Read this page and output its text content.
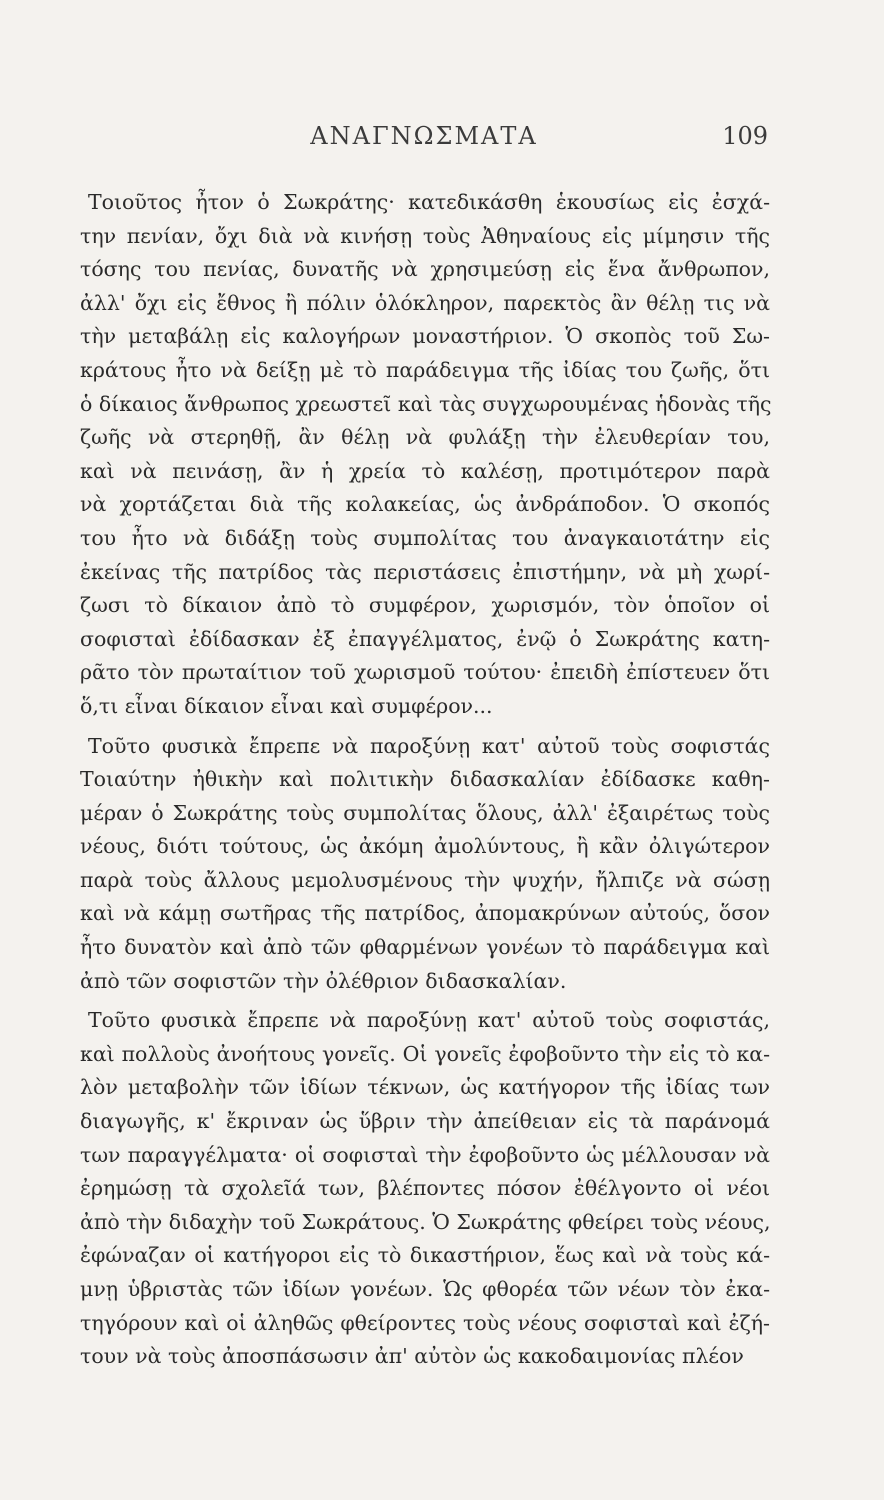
ΑΝΑΓΝΩΣΜΑΤΑ	109
Τοιοῦτος ἦτον ὁ Σωκράτης· κατεδικάσθη ἑκουσίως εἰς ἐσχά-
την πενίαν, ὄχι διὰ νὰ κινήσῃ τοὺς Ἀθηναίους εἰς μίμησιν τῆς
τόσης του πενίας, δυνατῆς νὰ χρησιμεύσῃ εἰς ἕνα ἄνθρωπον,
ἀλλ' ὄχι εἰς ἔθνος ἢ πόλιν ὁλόκληρον, παρεκτὸς ἂν θέλῃ τις νὰ
τὴν μεταβάλῃ εἰς καλογήρων μοναστήριον. Ὁ σκοπὸς τοῦ Σω-
κράτους ἦτο νὰ δείξῃ μὲ τὸ παράδειγμα τῆς ἰδίας του ζωῆς, ὅτι
ὁ δίκαιος ἄνθρωπος χρεωστεῖ καὶ τὰς συγχωρουμένας ἡδονὰς τῆς
ζωῆς νὰ στερηθῇ, ἂν θέλῃ νὰ φυλάξῃ τὴν ἐλευθερίαν του,
καὶ νὰ πεινάσῃ, ἂν ἡ χρεία τὸ καλέσῃ, προτιμότερον παρὰ
νὰ χορτάζεται διὰ τῆς κολακείας, ὡς ἀνδράποδον. Ὁ σκοπός
του ἦτο νὰ διδάξῃ τοὺς συμπολίτας του ἀναγκαιοτάτην εἰς
ἐκείνας τῆς πατρίδος τὰς περιστάσεις ἐπιστήμην, νὰ μὴ χωρί-
ζωσι τὸ δίκαιον ἀπὸ τὸ συμφέρον, χωρισμόν, τὸν ὁποῖον οἱ
σοφισταὶ ἐδίδασκαν ἐξ ἐπαγγέλματος, ἐνῷ ὁ Σωκράτης κατη-
ρᾶτο τὸν πρωταίτιον τοῦ χωρισμοῦ τούτου· ἐπειδὴ ἐπίστευεν ὅτι
ὅ,τι εἶναι δίκαιον εἶναι καὶ συμφέρον...
Τοῦτο φυσικὰ ἔπρεπε νὰ παροξύνῃ κατ' αὐτοῦ τοὺς σοφιστάς
Τοιαύτην ἠθικὴν καὶ πολιτικὴν διδασκαλίαν ἐδίδασκε καθη-
μέραν ὁ Σωκράτης τοὺς συμπολίτας ὅλους, ἀλλ' ἐξαιρέτως τοὺς
νέους, διότι τούτους, ὡς ἀκόμη ἀμολύντους, ἢ κἂν ὀλιγώτερον
παρὰ τοὺς ἄλλους μεμολυσμένους τὴν ψυχήν, ἤλπιζε νὰ σώσῃ
καὶ νὰ κάμῃ σωτῆρας τῆς πατρίδος, ἀπομακρύνων αὐτούς, ὅσον
ἦτο δυνατὸν καὶ ἀπὸ τῶν φθαρμένων γονέων τὸ παράδειγμα καὶ
ἀπὸ τῶν σοφιστῶν τὴν ὀλέθριον διδασκαλίαν.
Τοῦτο φυσικὰ ἔπρεπε νὰ παροξύνῃ κατ' αὐτοῦ τοὺς σοφιστάς,
καὶ πολλοὺς ἀνοήτους γονεῖς. Οἱ γονεῖς ἐφοβοῦντο τὴν εἰς τὸ κα-
λὸν μεταβολὴν τῶν ἰδίων τέκνων, ὡς κατήγορον τῆς ἰδίας των
διαγωγῆς, κ' ἔκριναν ὡς ὕβριν τὴν ἀπείθειαν εἰς τὰ παράνομά
των παραγγέλματα· οἱ σοφισταὶ τὴν ἐφοβοῦντο ὡς μέλλουσαν νὰ
ἐρημώσῃ τὰ σχολεῖά των, βλέποντες πόσον ἐθέλγοντο οἱ νέοι
ἀπὸ τὴν διδαχὴν τοῦ Σωκράτους. Ὁ Σωκράτης φθείρει τοὺς νέους,
ἐφώναζαν οἱ κατήγοροι εἰς τὸ δικαστήριον, ἕως καὶ νὰ τοὺς κά-
μνῃ ὑβριστὰς τῶν ἰδίων γονέων. Ὡς φθορέα τῶν νέων τὸν ἐκα-
τηγόρουν καὶ οἱ ἀληθῶς φθείροντες τοὺς νέους σοφισταὶ καὶ ἐζή-
τουν νὰ τοὺς ἀποσπάσωσιν ἀπ' αὐτὸν ὡς κακοδαιμονίας πλέον
